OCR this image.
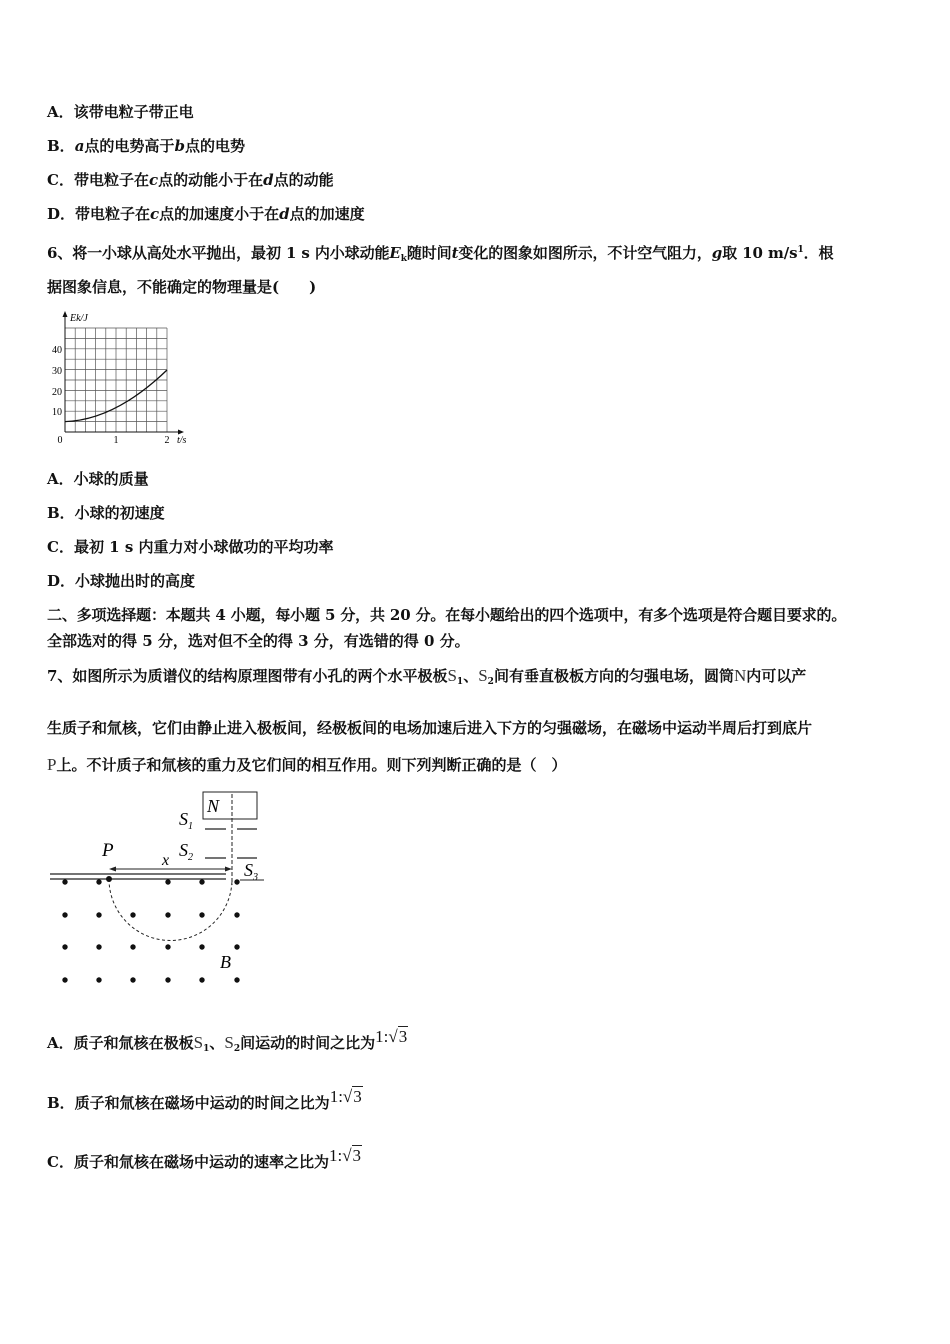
A．该带电粒子带正电
B．a点的电势高于b点的电势
C．带电粒子在c点的动能小于在d点的动能
D．带电粒子在c点的加速度小于在d点的加速度
6、将一小球从高处水平抛出，最初 1 s 内小球动能$E_k$随时间t变化的图象如图所示，不计空气阻力，g取 10 $m/s^1$．根
据图象信息，不能确定的物理量是(　　)
Ek/J
40
30
20
10
0	1	2 t/s
A．小球的质量
B．小球的初速度
C．最初 1 s 内重力对小球做功的平均功率
D．小球抛出时的高度
二、多项选择题：本题共 4 小题，每小题 5 分，共 20 分。在每小题给出的四个选项中，有多个选项是符合题目要求的。
全部选对的得 5 分，选对但不全的得 3 分，有选错的得 0 分。
7、如图所示为质谱仪的结构原理图带有小孔的两个水平极板$S_1$、$S_2$间有垂直极板方向的匀强电场，圆筒N内可以产
生质子和氚核，它们由静止进入极板间，经极板间的电场加速后进入下方的匀强磁场，在磁场中运动半周后打到底片
P上。不计质子和氚核的重力及它们间的相互作用。则下列判断正确的是（　）
N
$S_1$
$S_2$
$S_3$
P	x
B
A．质子和氚核在极板$S_1$、$S_2$间运动的时间之比为1:√3
B．质子和氚核在磁场中运动的时间之比为1:√3
C．质子和氚核在磁场中运动的速率之比为1:√3
